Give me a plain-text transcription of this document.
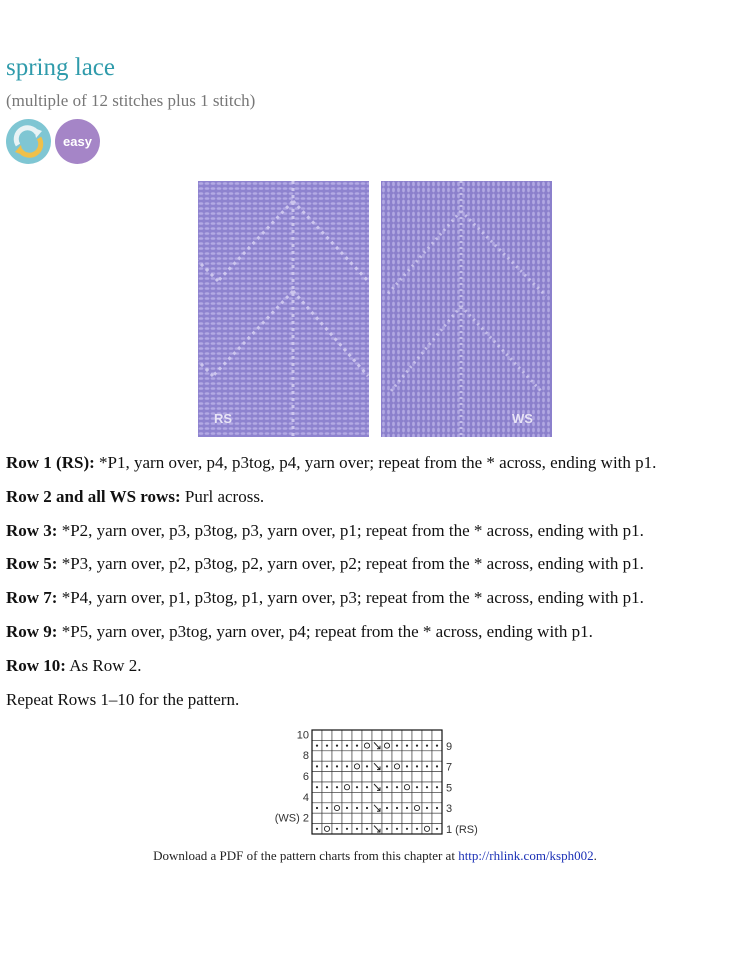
spring lace

(multiple of 12 stitches plus 1 stitch)

easy
RS	WS

Row 1 (RS): *P1, yarn over, p4, p3tog, p4, yarn over; repeat from the * across, ending with p1.

Row 2 and all WS rows: Purl across.

Row 3: *P2, yarn over, p3, p3tog, p3, yarn over, p1; repeat from the * across, ending with p1.

Row 5: *P3, yarn over, p2, p3tog, p2, yarn over, p2; repeat from the * across, ending with p1.

Row 7: *P4, yarn over, p1, p3tog, p1, yarn over, p3; repeat from the * across, ending with p1.

Row 9: *P5, yarn over, p3tog, yarn over, p4; repeat from the * across, ending with p1.

Row 10: As Row 2.

Repeat Rows 1–10 for the pattern.

10
8
6
4
(WS) 2
9
7
5
3
1 (RS)

Download a PDF of the pattern charts from this chapter at http://rhlink.com/ksph002.
